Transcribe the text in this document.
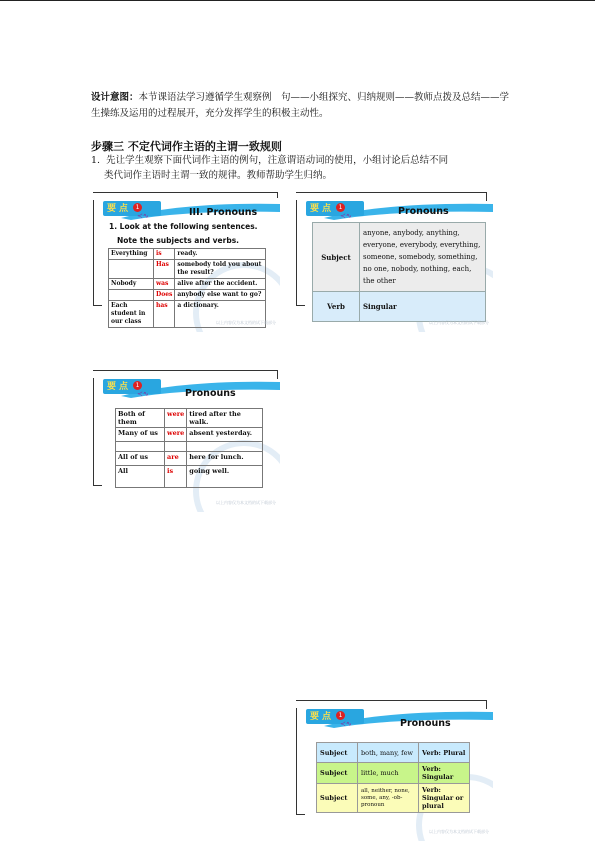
设计意图：本节课语法学习遵循学生观察例　句——小组探究、归纳规则——教师点拨及总结——学生操练及运用的过程展开，充分发挥学生的积极主动性。

步骤三 不定代词作主语的主谓一致规则

1. 先让学生观察下面代词作主语的例句，注意谓语动词的使用，小组讨论后总结不同
类代词作主语时主谓一致的规律。教师帮助学生归纳。
要点 1
≺∿	III. Pronouns
1. Look at the following sentences.
Note the subjects and verbs.
Everything	is	ready.
	Has	somebody told you about the result?
Nobody	was	alive after the accident.
	Does	anybody else want to go?
Each student in our class	has	a dictionary.
以上内容仅为本文档的试下载部分
要点 1
≺∿	Pronouns
Subject	anyone, anybody, anything, everyone, everybody, everything, someone, somebody, something, no one, nobody, nothing, each, the other
Verb	Singular
以上内容仅为本文档的试下载部分
要点 1
≺∿	Pronouns
Both of them	were	tired after the walk.
Many of us	were	absent yesterday.

All of us	are	here for lunch.
All	is	going well.
以上内容仅为本文档的试下载部分
要点 1
≺∿	Pronouns
Subject	both, many, few	Verb: Plural
Subject	little, much	Verb: Singular
Subject	all, neither, none, some, any, -ob-pronoun	Verb: Singular or plural
以上内容仅为本文档的试下载部分
